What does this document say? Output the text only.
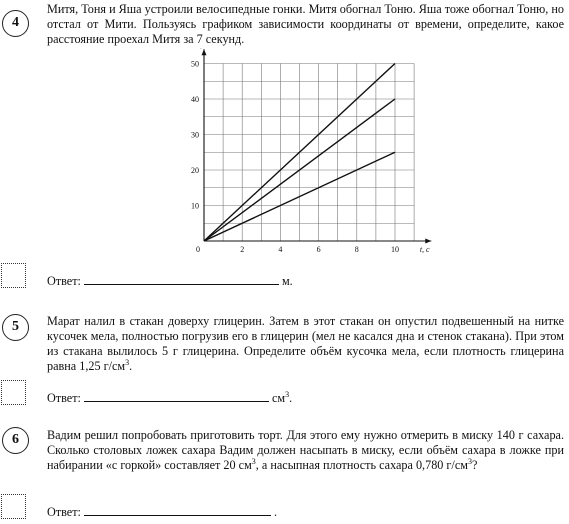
4
Митя, Тоня и Яша устроили велосипедные гонки. Митя обогнал Тоню. Яша тоже обогнал Тоню, но отстал от Мити. Пользуясь графиком зависимости координаты от времени, определите, какое расстояние проехал Митя за 7 секунд.
2	4	6	8	10
10
20
30
40
50
0	t, с
Ответ:	м.
5	Марат налил в стакан доверху глицерин. Затем в этот стакан он опустил подвешенный на нитке кусочек мела, полностью погрузив его в глицерин (мел не касался дна и стенок стакана). При этом из стакана вылилось 5 г глицерина. Определите объём кусочка мела, если плотность глицерина равна 1,25 $г/см^3$.
Ответ:	$см^3$.
6	Вадим решил попробовать приготовить торт. Для этого ему нужно отмерить в миску 140 г сахара. Сколько столовых ложек сахара Вадим должен насыпать в миску, если объём сахара в ложке при набирании «с горкой» составляет 20 $см^3$, а насыпная плотность сахара 0,780 $г/см^3$?
Ответ:	.
